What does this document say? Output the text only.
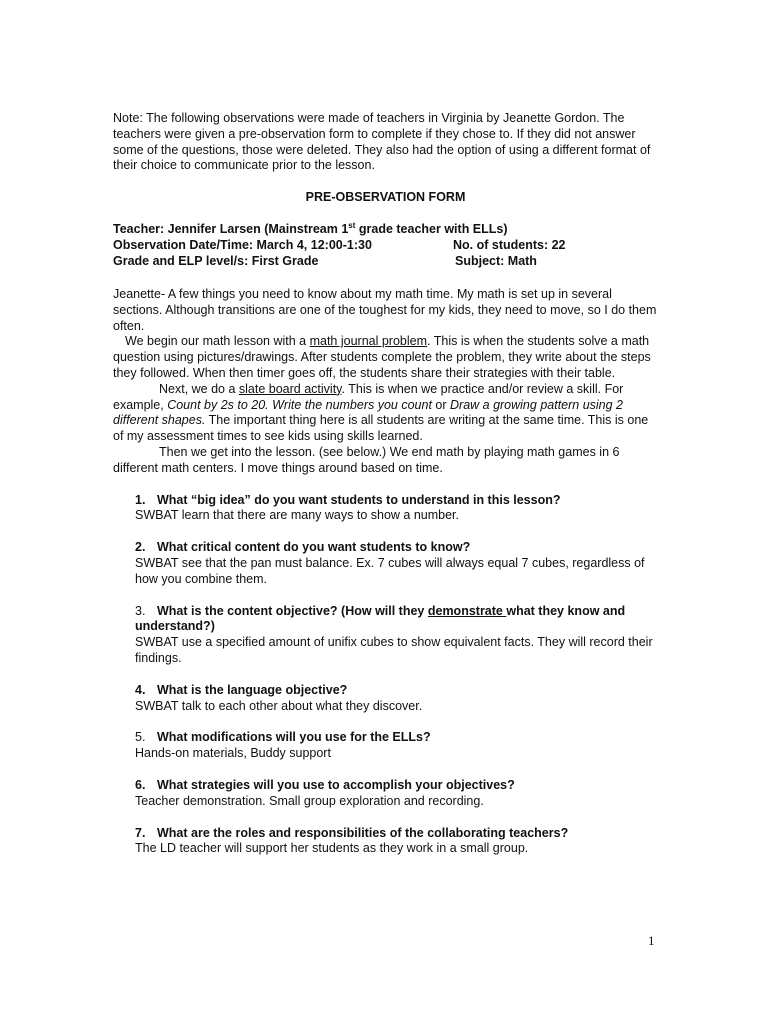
Note: The following observations were made of teachers in Virginia by Jeanette Gordon. The teachers were given a pre-observation form to complete if they chose to. If they did not answer some of the questions, those were deleted. They also had the option of using a different format of their choice to communicate prior to the lesson.

PRE-OBSERVATION FORM

Teacher: Jennifer Larsen (Mainstream 1st grade teacher with ELLs)
Observation Date/Time: March 4, 12:00-1:30	No. of students: 22
Grade and ELP level/s: First Grade	Subject: Math

Jeanette- A few things you need to know about my math time. My math is set up in several sections. Although transitions are one of the toughest for my kids, they need to move, so I do them often.

We begin our math lesson with a math journal problem. This is when the students solve a math question using pictures/drawings. After students complete the problem, they write about the steps they followed. When then timer goes off, the students share their strategies with their table.

Next, we do a slate board activity. This is when we practice and/or review a skill. For example, Count by 2s to 20. Write the numbers you count or Draw a growing pattern using 2 different shapes. The important thing here is all students are writing at the same time. This is one of my assessment times to see kids using skills learned.

Then we get into the lesson. (see below.) We end math by playing math games in 6 different math centers. I move things around based on time.

1. What “big idea” do you want students to understand in this lesson?

SWBAT learn that there are many ways to show a number.

2. What critical content do you want students to know?

SWBAT see that the pan must balance. Ex. 7 cubes will always equal 7 cubes, regardless of how you combine them.

3. What is the content objective? (How will they demonstrate what they know and understand?)

SWBAT use a specified amount of unifix cubes to show equivalent facts. They will record their findings.

4. What is the language objective?

SWBAT talk to each other about what they discover.

5. What modifications will you use for the ELLs?

Hands-on materials, Buddy support

6. What strategies will you use to accomplish your objectives?

Teacher demonstration. Small group exploration and recording.

7. What are the roles and responsibilities of the collaborating teachers?

The LD teacher will support her students as they work in a small group.

1
